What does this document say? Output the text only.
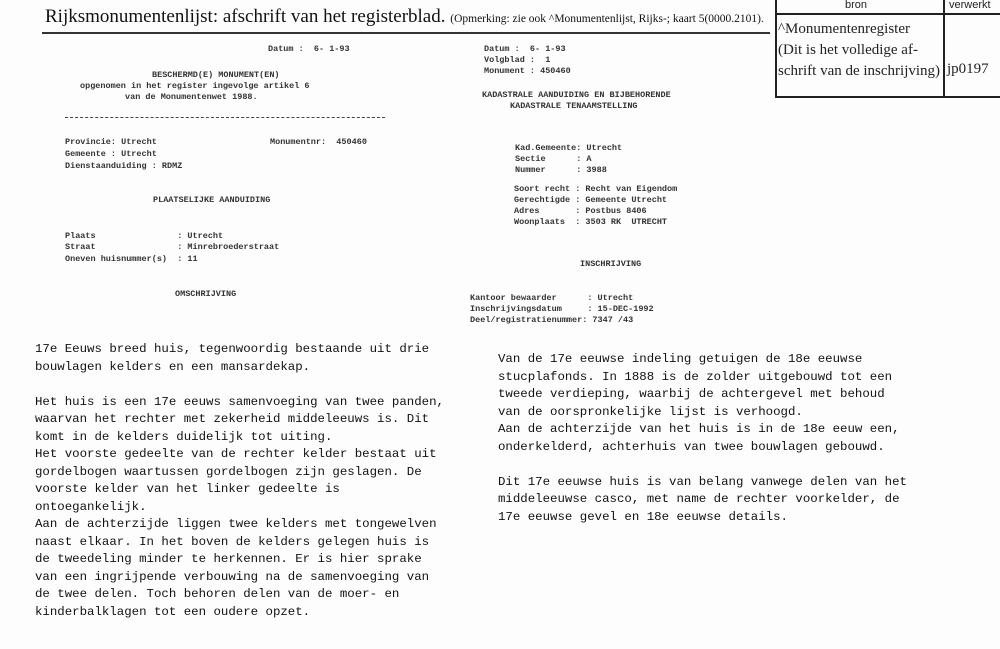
Rijksmonumentenlijst: afschrift van het registerblad. (Opmerking: zie ook ^Monumentenlijst, Rijks-; kaart 5(0000.2101).
bron	verwerkt
^Monumentenregister
(Dit is het volledige af-
schrift van de inschrijving) jp0197
Datum :  6- 1-93
BESCHERMD(E) MONUMENT(EN)
opgenomen in het register ingevolge artikel 6
van de Monumentenwet 1988.
Provincie: Utrecht	Monumentnr:  450460
Gemeente : Utrecht
Dienstaanduiding : RDMZ
PLAATSELIJKE AANDUIDING
Plaats                : Utrecht
Straat                : Minrebroederstraat
Oneven huisnummer(s)  : 11
OMSCHRIJVING
Datum :  6- 1-93
Volgblad :  1
Monument : 450460
KADASTRALE AANDUIDING EN BIJBEHORENDE
KADASTRALE TENAAMSTELLING
Kad.Gemeente: Utrecht
Sectie      : A
Nummer      : 3988
Soort recht : Recht van Eigendom
Gerechtigde : Gemeente Utrecht
Adres       : Postbus 8406
Woonplaats  : 3503 RK  UTRECHT
INSCHRIJVING
Kantoor bewaarder      : Utrecht
Inschrijvingsdatum     : 15-DEC-1992
Deel/registratienummer: 7347 /43
17e Eeuws breed huis, tegenwoordig bestaande uit drie
bouwlagen kelders en een mansardekap.

Het huis is een 17e eeuws samenvoeging van twee panden,
waarvan het rechter met zekerheid middeleeuws is. Dit
komt in de kelders duidelijk tot uiting.
Het voorste gedeelte van de rechter kelder bestaat uit
gordelbogen waartussen gordelbogen zijn geslagen. De
voorste kelder van het linker gedeelte is
ontoegankelijk.
Aan de achterzijde liggen twee kelders met tongewelven
naast elkaar. In het boven de kelders gelegen huis is
de tweedeling minder te herkennen. Er is hier sprake
van een ingrijpende verbouwing na de samenvoeging van
de twee delen. Toch behoren delen van de moer- en
kinderbalklagen tot een oudere opzet.
Van de 17e eeuwse indeling getuigen de 18e eeuwse
stucplafonds. In 1888 is de zolder uitgebouwd tot een
tweede verdieping, waarbij de achtergevel met behoud
van de oorspronkelijke lijst is verhoogd.
Aan de achterzijde van het huis is in de 18e eeuw een,
onderkelderd, achterhuis van twee bouwlagen gebouwd.

Dit 17e eeuwse huis is van belang vanwege delen van het
middeleeuwse casco, met name de rechter voorkelder, de
17e eeuwse gevel en 18e eeuwse details.
